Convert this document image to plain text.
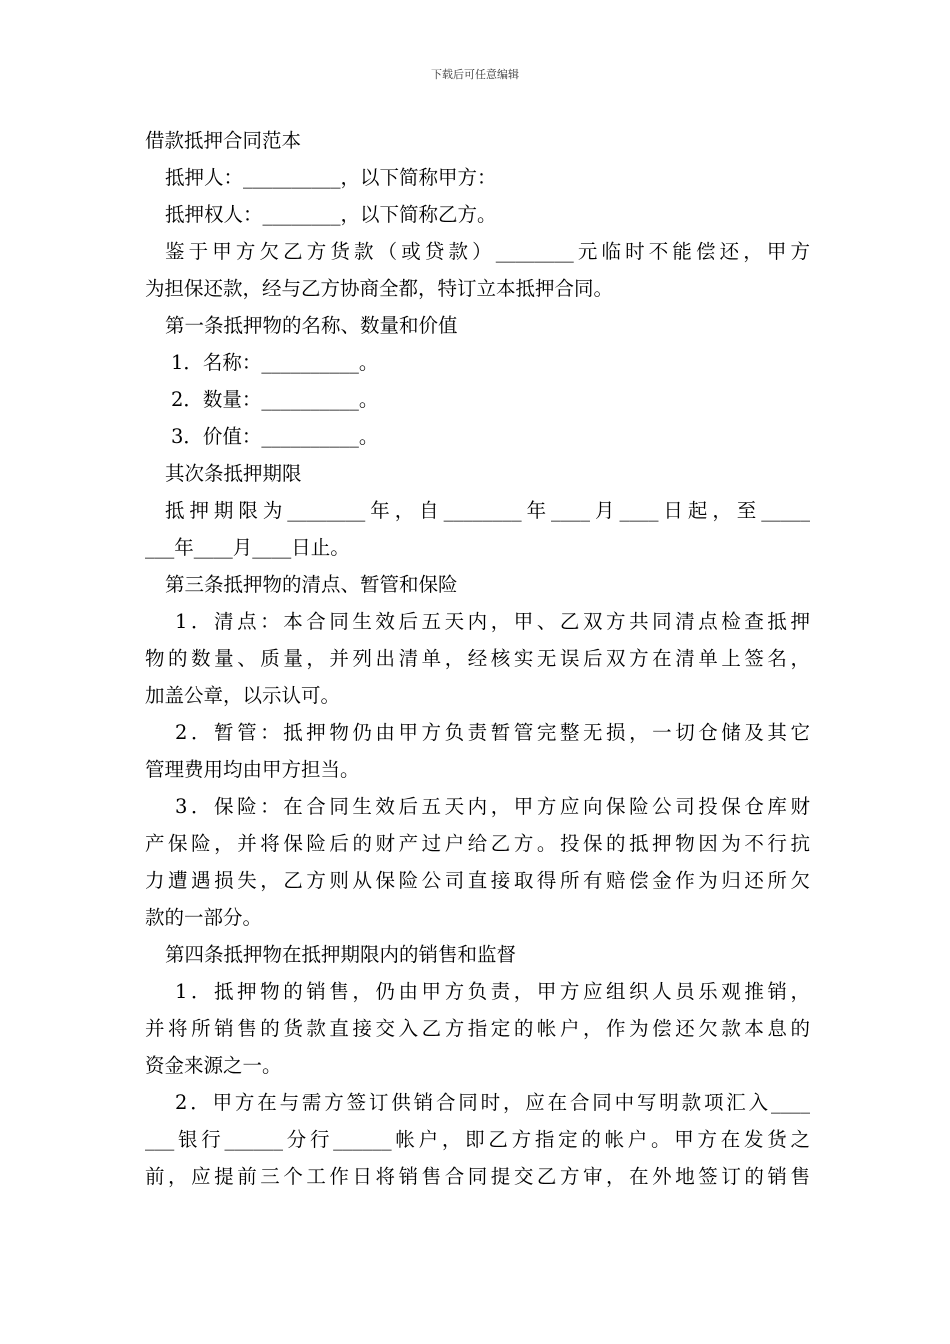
下载后可任意编辑
借款抵押合同范本
抵押人：__________，以下简称甲方：
抵押权人：________，以下简称乙方。
鉴于甲方欠乙方货款（或贷款）________元临时不能偿还，甲方
为担保还款，经与乙方协商全都，特订立本抵押合同。
第一条抵押物的名称、数量和价值
1．名称：__________。
2．数量：__________。
3．价值：__________。
其次条抵押期限
抵押期限为________年，自________年____月____日起，至_____
___年____月____日止。
第三条抵押物的清点、暂管和保险
1．清点：本合同生效后五天内，甲、乙双方共同清点检查抵押
物的数量、质量，并列出清单，经核实无误后双方在清单上签名，
加盖公章，以示认可。
2．暂管：抵押物仍由甲方负责暂管完整无损，一切仓储及其它
管理费用均由甲方担当。
3．保险：在合同生效后五天内，甲方应向保险公司投保仓库财
产保险，并将保险后的财产过户给乙方。投保的抵押物因为不行抗
力遭遇损失，乙方则从保险公司直接取得所有赔偿金作为归还所欠
款的一部分。
第四条抵押物在抵押期限内的销售和监督
1．抵押物的销售，仍由甲方负责，甲方应组织人员乐观推销，
并将所销售的货款直接交入乙方指定的帐户，作为偿还欠款本息的
资金来源之一。
2．甲方在与需方签订供销合同时，应在合同中写明款项汇入____
___银行______分行______帐户，即乙方指定的帐户。甲方在发货之
前，应提前三个工作日将销售合同提交乙方审，在外地签订的销售
